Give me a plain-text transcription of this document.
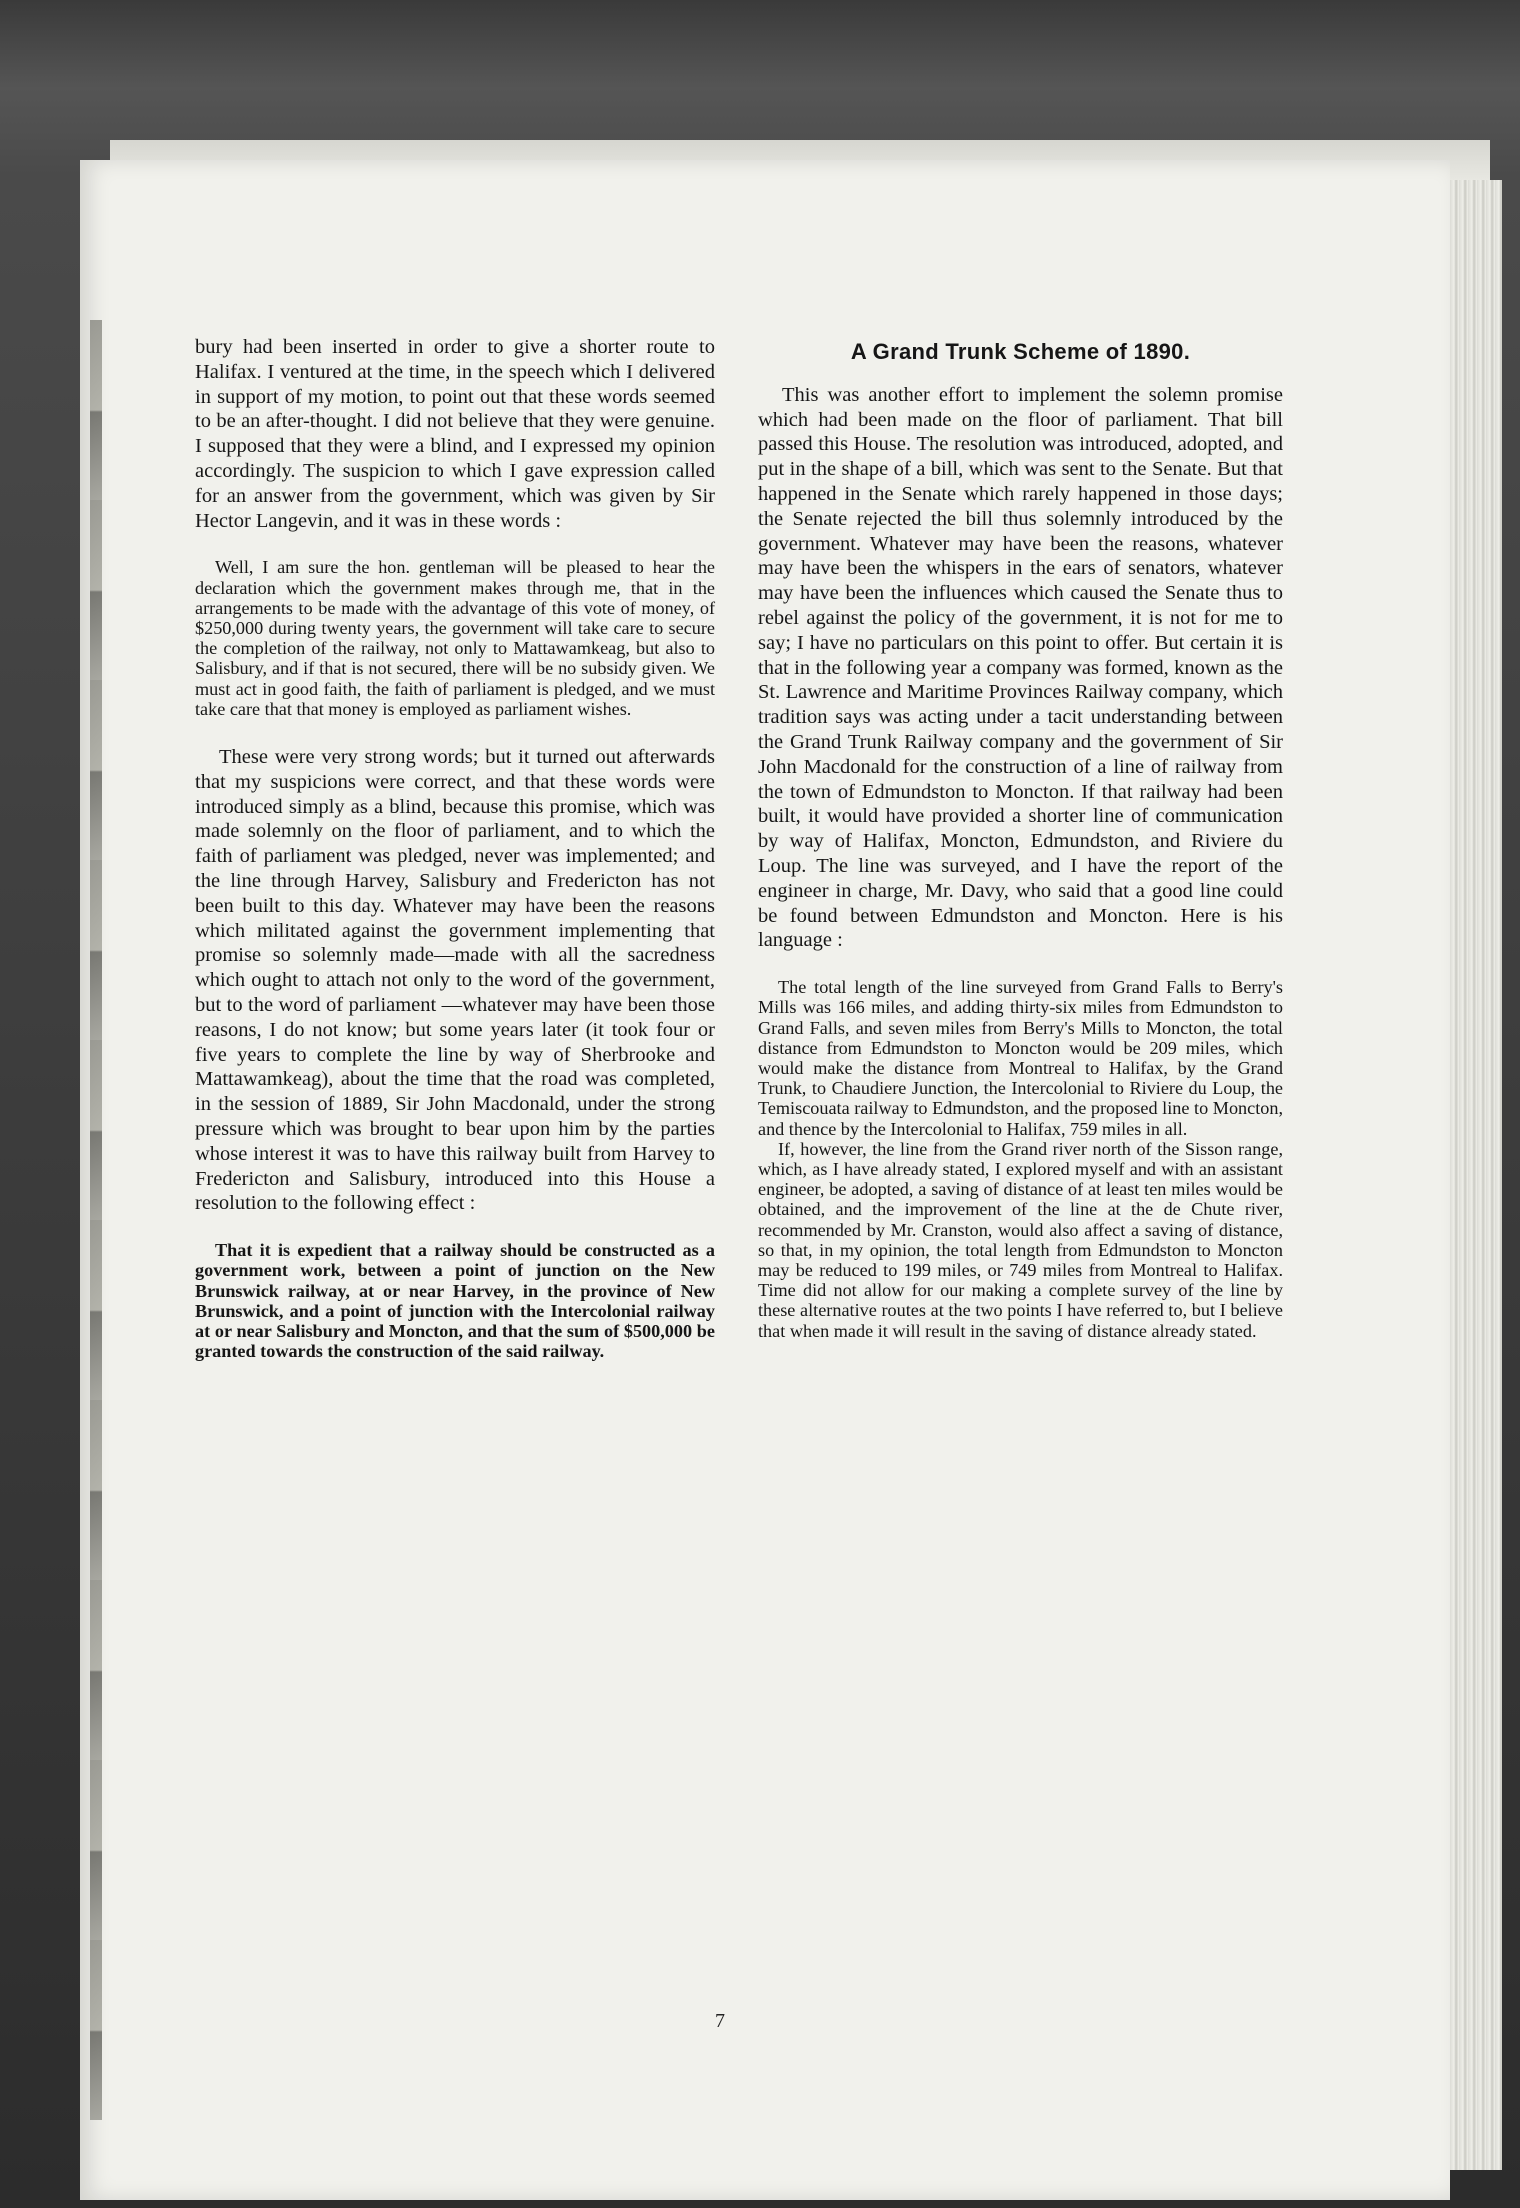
bury had been inserted in order to give a shorter route to Halifax. I ventured at the time, in the speech which I delivered in support of my motion, to point out that these words seemed to be an after-thought. I did not believe that they were genuine. I supposed that they were a blind, and I expressed my opinion accordingly. The suspicion to which I gave expression called for an answer from the government, which was given by Sir Hector Langevin, and it was in these words :

Well, I am sure the hon. gentleman will be pleased to hear the declaration which the government makes through me, that in the arrangements to be made with the advantage of this vote of money, of $250,000 during twenty years, the government will take care to secure the completion of the railway, not only to Mattawamkeag, but also to Salisbury, and if that is not secured, there will be no subsidy given. We must act in good faith, the faith of parliament is pledged, and we must take care that that money is employed as parliament wishes.

These were very strong words; but it turned out afterwards that my suspicions were correct, and that these words were introduced simply as a blind, because this promise, which was made solemnly on the floor of parliament, and to which the faith of parliament was pledged, never was implemented; and the line through Harvey, Salisbury and Fredericton has not been built to this day. Whatever may have been the reasons which militated against the government implementing that promise so solemnly made—made with all the sacredness which ought to attach not only to the word of the government, but to the word of parliament —whatever may have been those reasons, I do not know; but some years later (it took four or five years to complete the line by way of Sherbrooke and Mattawamkeag), about the time that the road was completed, in the session of 1889, Sir John Macdonald, under the strong pressure which was brought to bear upon him by the parties whose interest it was to have this railway built from Harvey to Fredericton and Salisbury, introduced into this House a resolution to the following effect :

That it is expedient that a railway should be constructed as a government work, between a point of junction on the New Brunswick railway, at or near Harvey, in the province of New Brunswick, and a point of junction with the Intercolonial railway at or near Salisbury and Moncton, and that the sum of $500,000 be granted towards the construction of the said railway.

A Grand Trunk Scheme of 1890.

This was another effort to implement the solemn promise which had been made on the floor of parliament. That bill passed this House. The resolution was introduced, adopted, and put in the shape of a bill, which was sent to the Senate. But that happened in the Senate which rarely happened in those days; the Senate rejected the bill thus solemnly introduced by the government. Whatever may have been the reasons, whatever may have been the whispers in the ears of senators, whatever may have been the influences which caused the Senate thus to rebel against the policy of the government, it is not for me to say; I have no particulars on this point to offer. But certain it is that in the following year a company was formed, known as the St. Lawrence and Maritime Provinces Railway company, which tradition says was acting under a tacit understanding between the Grand Trunk Railway company and the government of Sir John Macdonald for the construction of a line of railway from the town of Edmundston to Moncton. If that railway had been built, it would have provided a shorter line of communication by way of Halifax, Moncton, Edmundston, and Riviere du Loup. The line was surveyed, and I have the report of the engineer in charge, Mr. Davy, who said that a good line could be found between Edmundston and Moncton. Here is his language :

The total length of the line surveyed from Grand Falls to Berry's Mills was 166 miles, and adding thirty-six miles from Edmundston to Grand Falls, and seven miles from Berry's Mills to Moncton, the total distance from Edmundston to Moncton would be 209 miles, which would make the distance from Montreal to Halifax, by the Grand Trunk, to Chaudiere Junction, the Intercolonial to Riviere du Loup, the Temiscouata railway to Edmundston, and the proposed line to Moncton, and thence by the Intercolonial to Halifax, 759 miles in all.

If, however, the line from the Grand river north of the Sisson range, which, as I have already stated, I explored myself and with an assistant engineer, be adopted, a saving of distance of at least ten miles would be obtained, and the improvement of the line at the de Chute river, recommended by Mr. Cranston, would also affect a saving of distance, so that, in my opinion, the total length from Edmundston to Moncton may be reduced to 199 miles, or 749 miles from Montreal to Halifax. Time did not allow for our making a complete survey of the line by these alternative routes at the two points I have referred to, but I believe that when made it will result in the saving of distance already stated.

7
